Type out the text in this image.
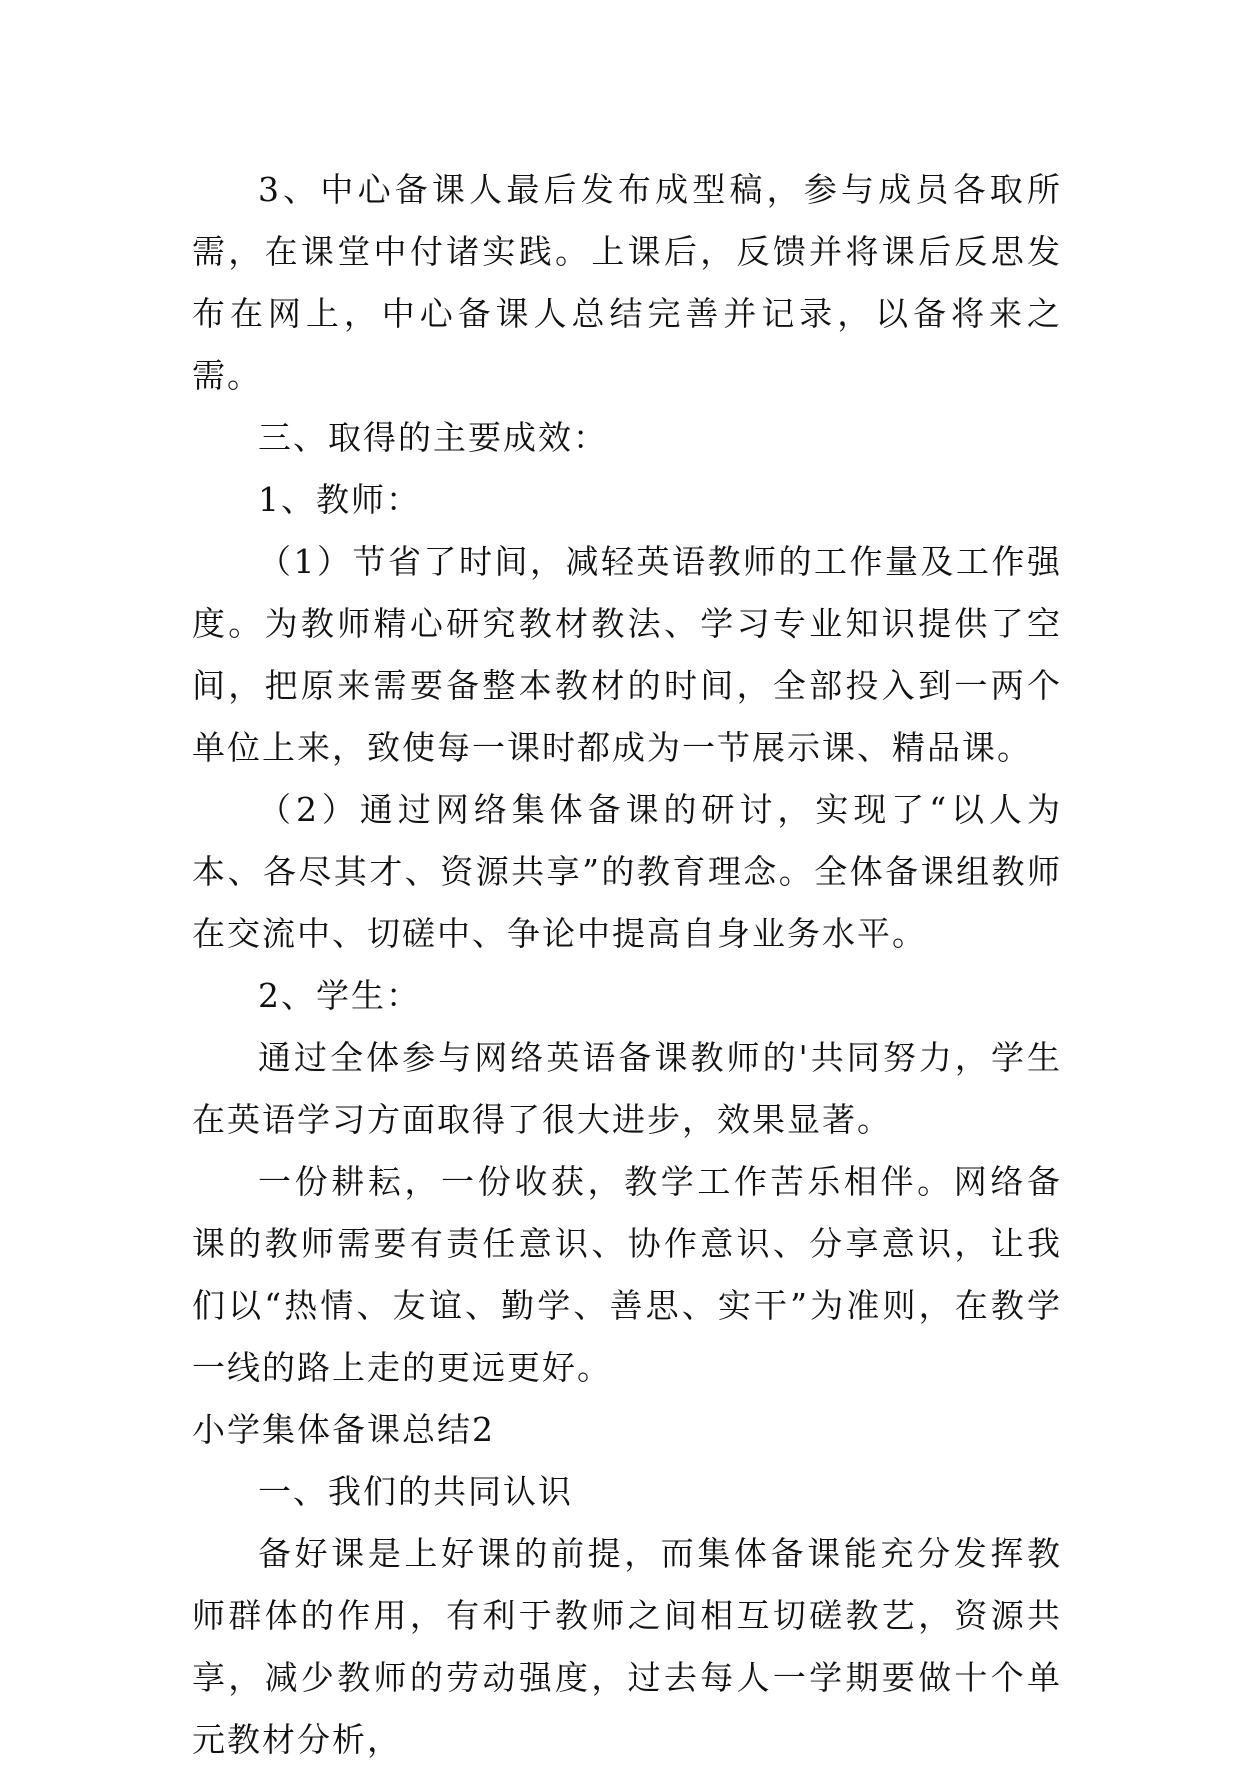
3、中心备课人最后发布成型稿，参与成员各取所需，在课堂中付诸实践。上课后，反馈并将课后反思发布在网上，中心备课人总结完善并记录，以备将来之需。

三、取得的主要成效：

1、教师：

（1）节省了时间，减轻英语教师的工作量及工作强度。为教师精心研究教材教法、学习专业知识提供了空间，把原来需要备整本教材的时间，全部投入到一两个单位上来，致使每一课时都成为一节展示课、精品课。

（2）通过网络集体备课的研讨，实现了“以人为本、各尽其才、资源共享”的教育理念。全体备课组教师在交流中、切磋中、争论中提高自身业务水平。

2、学生：

通过全体参与网络英语备课教师的'共同努力，学生在英语学习方面取得了很大进步，效果显著。

一份耕耘，一份收获，教学工作苦乐相伴。网络备课的教师需要有责任意识、协作意识、分享意识，让我们以“热情、友谊、勤学、善思、实干”为准则，在教学一线的路上走的更远更好。

小学集体备课总结2

一、我们的共同认识

备好课是上好课的前提，而集体备课能充分发挥教师群体的作用，有利于教师之间相互切磋教艺，资源共享，减少教师的劳动强度，过去每人一学期要做十个单元教材分析，
